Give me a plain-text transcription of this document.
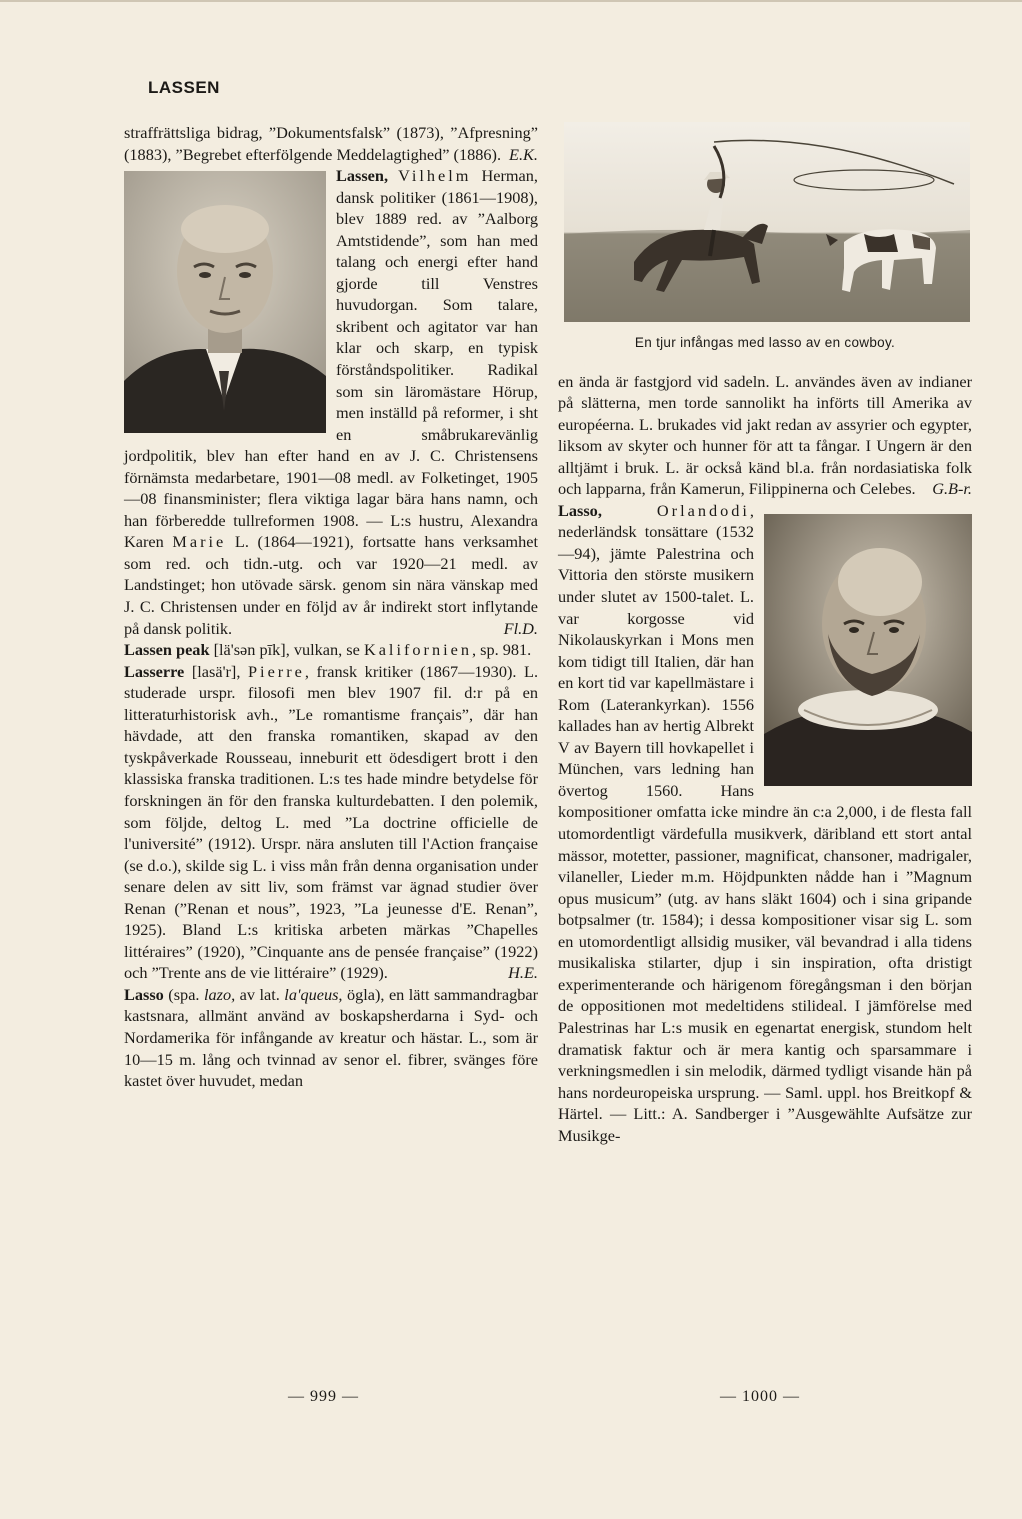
LASSEN

straffrättsliga bidrag, ”Dokumentsfalsk” (1873), ”Afpresning” (1883), ”Begrebet efterfölgende Meddelagtighed” (1886). E.K.

Lassen, Vilhelm Herman, dansk politiker (1861—1908), blev 1889 red. av ”Aalborg Amtstidende”, som han med talang och energi efter hand gjorde till Venstres huvudorgan. Som talare, skribent och agitator var han klar och skarp, en typisk förståndspolitiker. Radikal som sin läromästare Hörup, men inställd på reformer, i sht en småbrukarevänlig jordpolitik, blev han efter hand en av J. C. Christensens förnämsta medarbetare, 1901—08 medl. av Folketinget, 1905—08 finansminister; flera viktiga lagar bära hans namn, och han förberedde tullreformen 1908. — L:s hustru, Alexandra Karen Marie L. (1864—1921), fortsatte hans verksamhet som red. och tidn.-utg. och var 1920—21 medl. av Landstinget; hon utövade särsk. genom sin nära vänskap med J. C. Christensen under en följd av år indirekt stort inflytande på dansk politik.	Fl.D.

Lassen peak [lä'sən pīk], vulkan, se Kalifornien, sp. 981.

Lasserre [lasä'r], Pierre, fransk kritiker (1867—1930). L. studerade urspr. filosofi men blev 1907 fil. d:r på en litteraturhistorisk avh., ”Le romantisme français”, där han hävdade, att den franska romantiken, skapad av den tyskpåverkade Rousseau, inneburit ett ödesdigert brott i den klassiska franska traditionen. L:s tes hade mindre betydelse för forskningen än för den franska kulturdebatten. I den polemik, som följde, deltog L. med ”La doctrine officielle de l'université” (1912). Urspr. nära ansluten till l'Action française (se d.o.), skilde sig L. i viss mån från denna organisation under senare delen av sitt liv, som främst var ägnad studier över Renan (”Renan et nous”, 1923, ”La jeunesse d'E. Renan”, 1925). Bland L:s kritiska arbeten märkas ”Chapelles littéraires” (1920), ”Cinquante ans de pensée française” (1922) och ”Trente ans de vie littéraire” (1929).	H.E.

Lasso (spa. lazo, av lat. la'queus, ögla), en lätt sammandragbar kastsnara, allmänt använd av boskapsherdarna i Syd- och Nordamerika för infångande av kreatur och hästar. L., som är 10—15 m. lång och tvinnad av senor el. fibrer, svänges före kastet över huvudet, medan

En tjur infångas med lasso av en cowboy.

en ända är fastgjord vid sadeln. L. användes även av indianer på slätterna, men torde sannolikt ha införts till Amerika av européerna. L. brukades vid jakt redan av assyrier och egypter, liksom av skyter och hunner för att ta fångar. I Ungern är den alltjämt i bruk. L. är också känd bl.a. från nordasiatiska folk och lapparna, från Kamerun, Filippinerna och Celebes. G.B-r.

Lasso,	Orlandodi, nederländsk tonsättare (1532—94), jämte Palestrina och Vittoria den störste musikern under slutet av 1500-talet. L. var korgosse vid Nikolauskyrkan i Mons men kom tidigt till Italien, där han en kort tid var kapellmästare i Rom (Laterankyrkan). 1556 kallades han av hertig Albrekt V av Bayern till hovkapellet i München, vars ledning han övertog 1560. Hans kompositioner omfatta icke mindre än c:a 2,000, i de flesta fall utomordentligt värdefulla musikverk, däribland ett stort antal mässor, motetter, passioner, magnificat, chansoner, madrigaler, vilaneller, Lieder m.m. Höjdpunkten nådde han i ”Magnum opus musicum” (utg. av hans släkt 1604) och i sina gripande botpsalmer (tr. 1584); i dessa kompositioner visar sig L. som en utomordentligt allsidig musiker, väl bevandrad i alla tidens musikaliska stilarter, djup i sin inspiration, ofta dristigt experimenterande och härigenom föregångsman i den början de oppositionen mot medeltidens stilideal. I jämförelse med Palestrinas har L:s musik en egenartat energisk, stundom helt dramatisk faktur och är mera kantig och sparsammare i verkningsmedlen i sin melodik, därmed tydligt visande hän på hans nordeuropeiska ursprung. — Saml. uppl. hos Breitkopf & Härtel. — Litt.: A. Sandberger i ”Ausgewählte Aufsätze zur Musikge-

— 999 —	— 1000 —
